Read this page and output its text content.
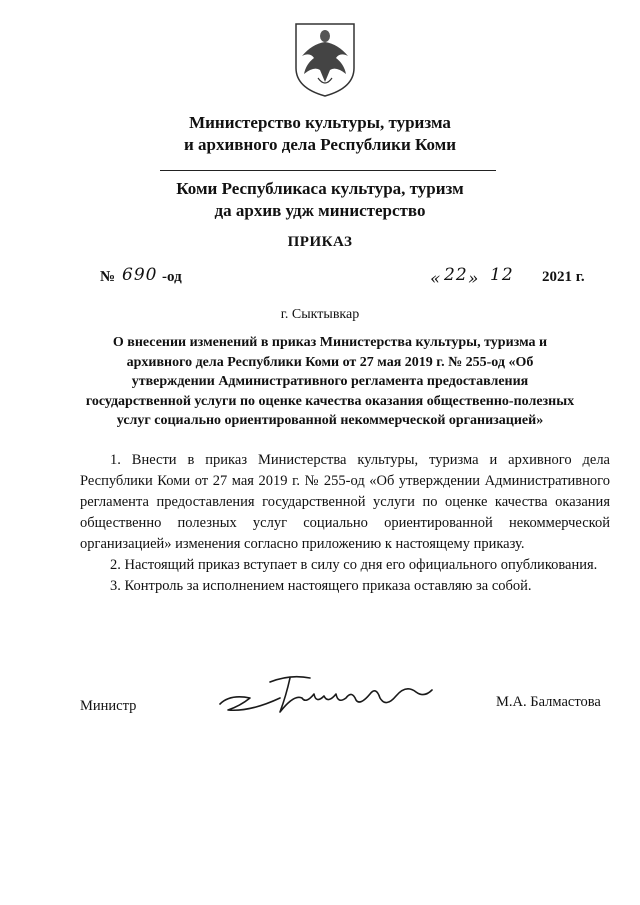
Министерство культуры, туризма
и архивного дела Республики Коми
Коми Республикаса культура, туризм
да архив удж министерство
ПРИКАЗ
№ 690 -од	« 22 » 12 2021 г.
г. Сыктывкар
О внесении изменений в приказ Министерства культуры, туризма и
архивного дела Республики Коми от 27 мая 2019 г. № 255-од «Об
утверждении Административного регламента предоставления
государственной услуги по оценке качества оказания общественно-полезных
услуг социально ориентированной некоммерческой организацией»

1. Внести в приказ Министерства культуры, туризма и архивного дела Республики Коми от 27 мая 2019 г. № 255-од «Об утверждении Административного регламента предоставления государственной услуги по оценке качества оказания общественно полезных услуг социально ориентированной некоммерческой организацией» изменения согласно приложению к настоящему приказу.

2. Настоящий приказ вступает в силу со дня его официального опубликования.

3. Контроль за исполнением настоящего приказа оставляю за собой.

Министр	М.А. Балмастова
